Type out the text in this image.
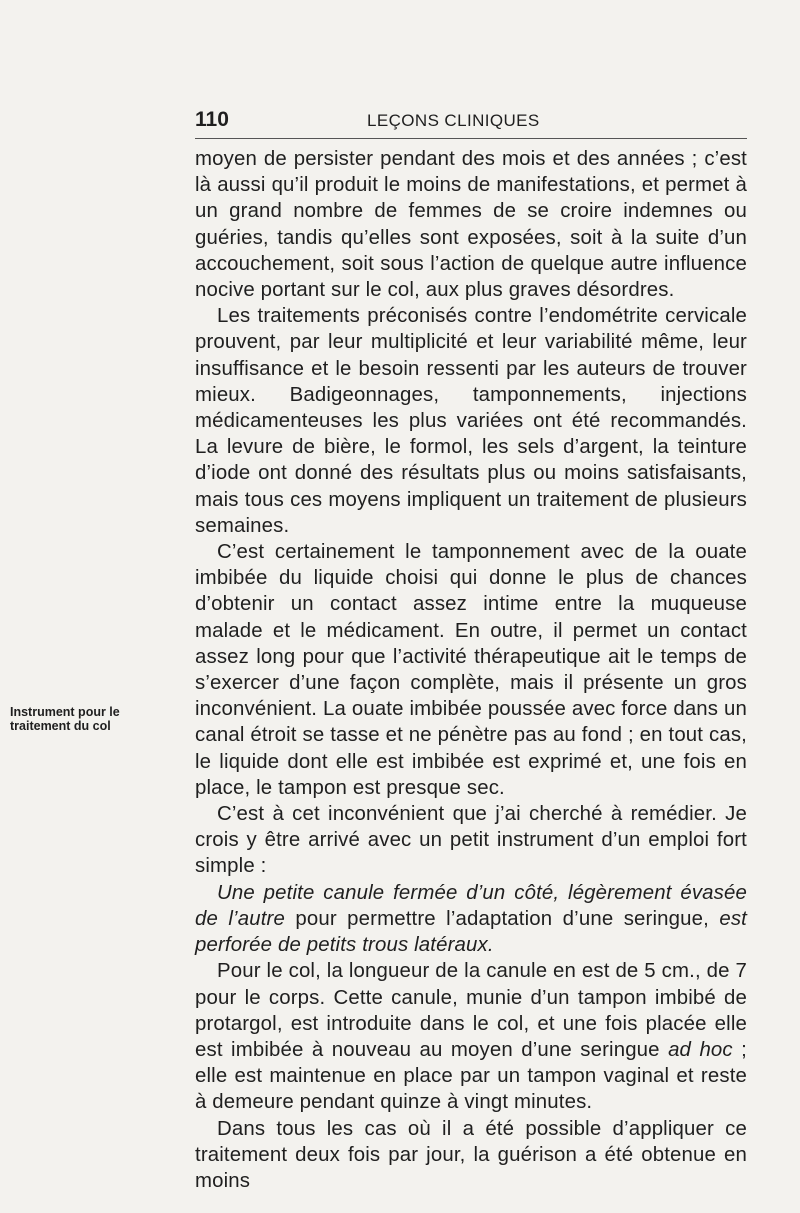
110	LEÇONS CLINIQUES
Instrument pour le
traitement du col

moyen de persister pendant des mois et des années ; c’est là aussi qu’il produit le moins de manifestations, et permet à un grand nombre de femmes de se croire indemnes ou guéries, tandis qu’elles sont exposées, soit à la suite d’un accouchement, soit sous l’action de quelque autre influence nocive portant sur le col, aux plus graves désordres.

Les traitements préconisés contre l’endométrite cervicale prouvent, par leur multiplicité et leur variabilité même, leur insuffisance et le besoin ressenti par les auteurs de trouver mieux. Badigeonnages, tamponnements, injections médicamenteuses les plus variées ont été recommandés. La levure de bière, le formol, les sels d’argent, la teinture d’iode ont donné des résultats plus ou moins satisfaisants, mais tous ces moyens impliquent un traitement de plusieurs semaines.

C’est certainement le tamponnement avec de la ouate imbibée du liquide choisi qui donne le plus de chances d’obtenir un contact assez intime entre la muqueuse malade et le médicament. En outre, il permet un contact assez long pour que l’activité thérapeutique ait le temps de s’exercer d’une façon complète, mais il présente un gros inconvénient. La ouate imbibée poussée avec force dans un canal étroit se tasse et ne pénètre pas au fond ; en tout cas, le liquide dont elle est imbibée est exprimé et, une fois en place, le tampon est presque sec.

C’est à cet inconvénient que j’ai cherché à remédier. Je crois y être arrivé avec un petit instrument d’un emploi fort simple :

Une petite canule fermée d’un côté, légèrement évasée de l’autre pour permettre l’adaptation d’une seringue, est perforée de petits trous latéraux.

Pour le col, la longueur de la canule en est de 5 cm., de 7 pour le corps. Cette canule, munie d’un tampon imbibé de protargol, est introduite dans le col, et une fois placée elle est imbibée à nouveau au moyen d’une seringue ad hoc ; elle est maintenue en place par un tampon vaginal et reste à demeure pendant quinze à vingt minutes.

Dans tous les cas où il a été possible d’appliquer ce traitement deux fois par jour, la guérison a été obtenue en moins
